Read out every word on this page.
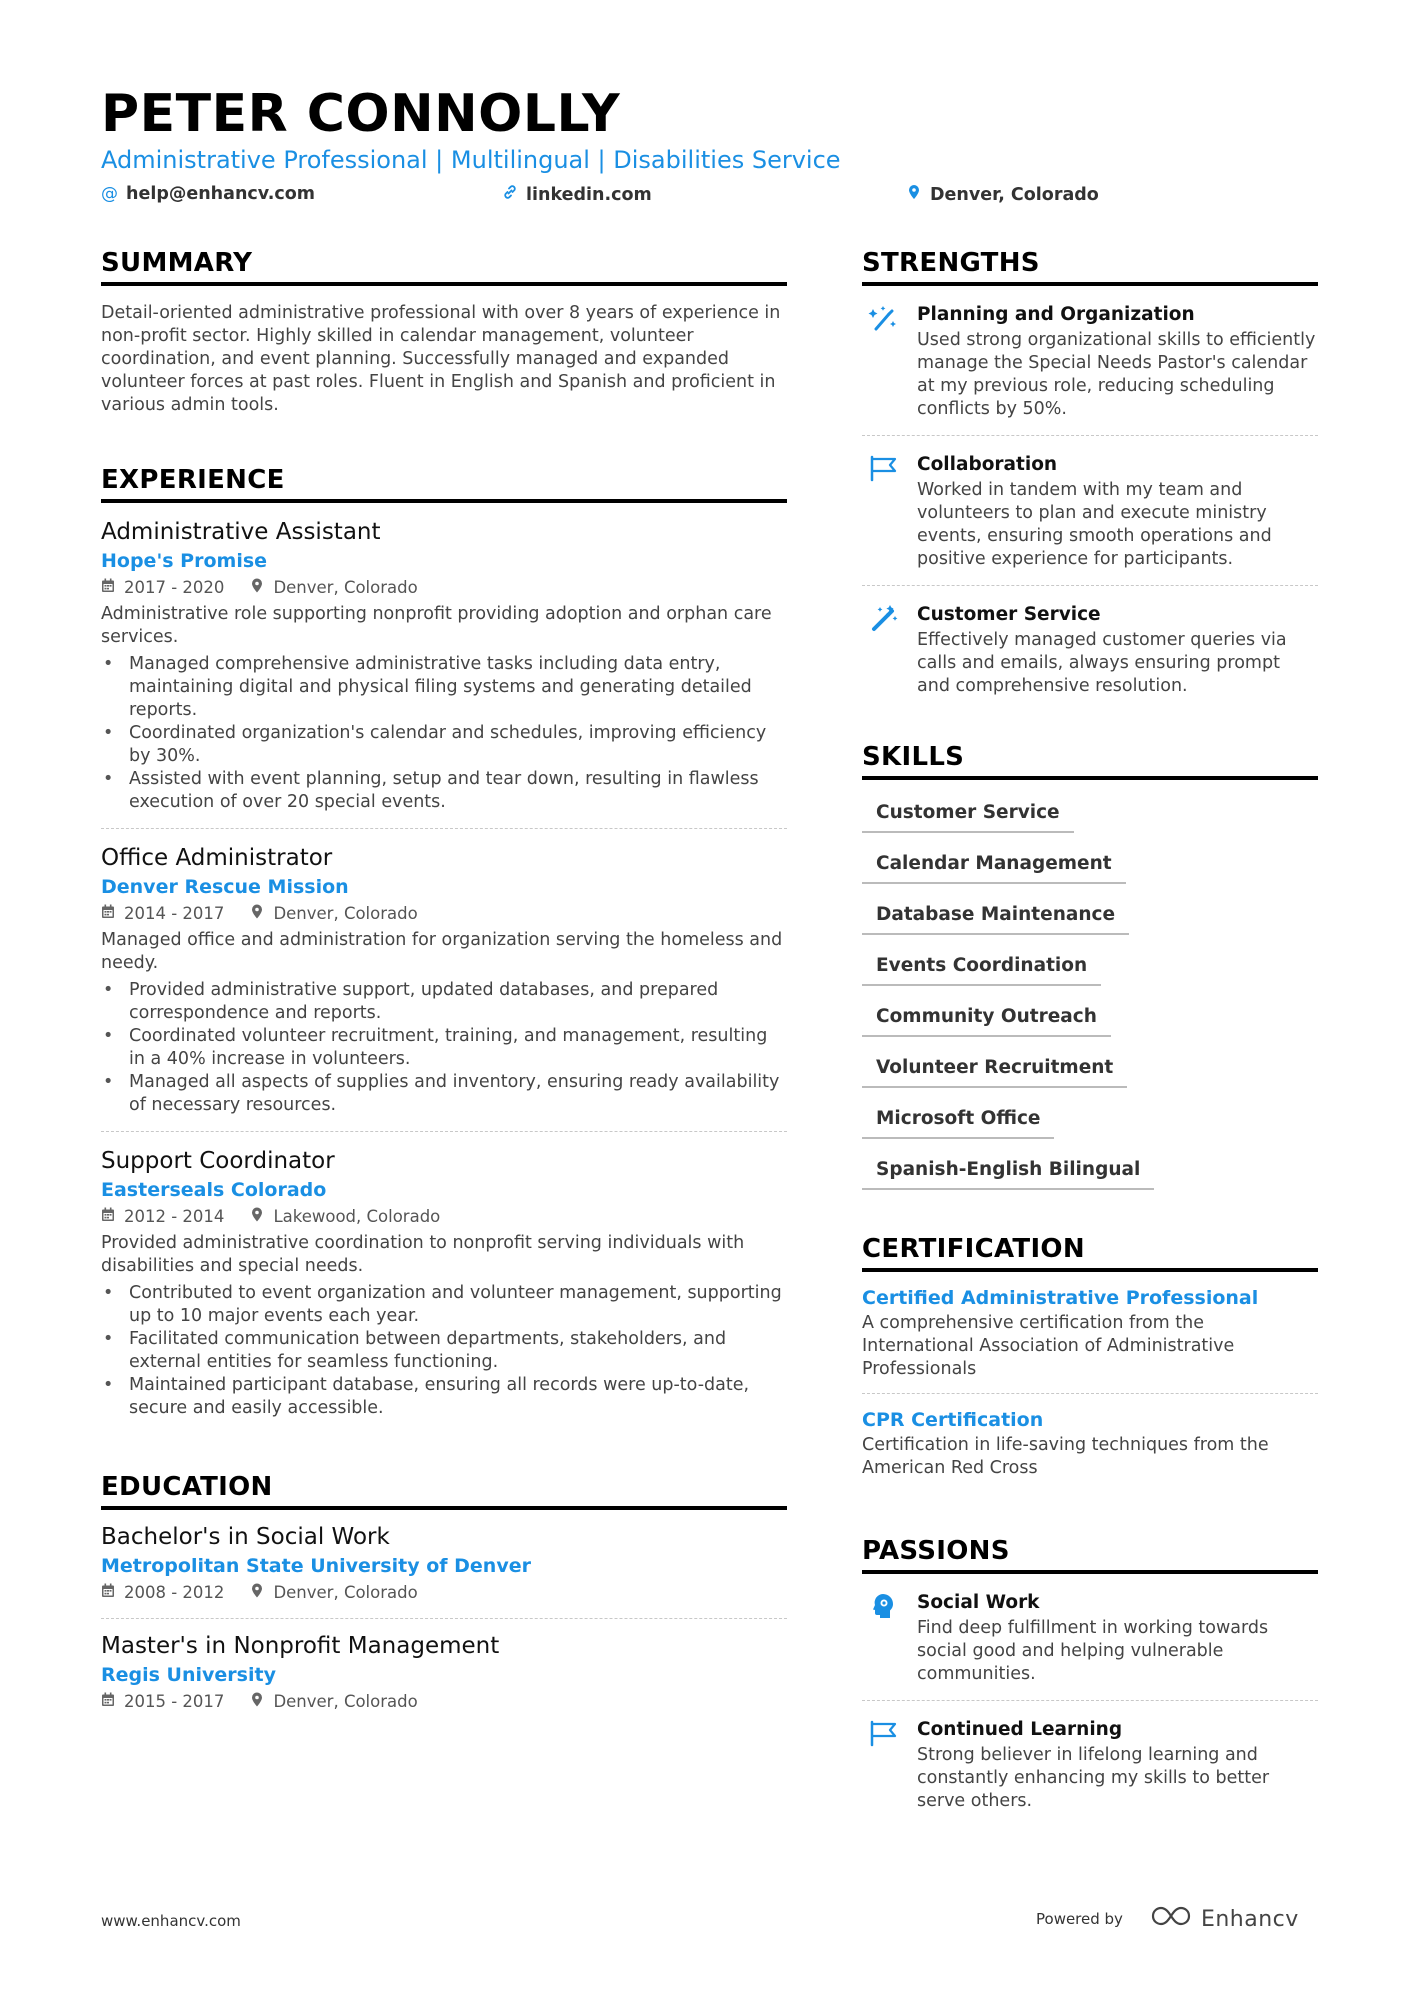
PETER CONNOLLY
Administrative Professional | Multilingual | Disabilities Service
@ help@enhancv.com	linkedin.com	Denver, Colorado
SUMMARY
Detail-oriented administrative professional with over 8 years of experience in non-profit sector. Highly skilled in calendar management, volunteer coordination, and event planning. Successfully managed and expanded volunteer forces at past roles. Fluent in English and Spanish and proficient in various admin tools.
EXPERIENCE
Administrative Assistant
Hope's Promise
2017 - 2020	Denver, Colorado
Administrative role supporting nonprofit providing adoption and orphan care services.
• Managed comprehensive administrative tasks including data entry, maintaining digital and physical filing systems and generating detailed reports.
• Coordinated organization's calendar and schedules, improving efficiency by 30%.
• Assisted with event planning, setup and tear down, resulting in flawless execution of over 20 special events.
Office Administrator
Denver Rescue Mission
2014 - 2017	Denver, Colorado
Managed office and administration for organization serving the homeless and needy.
• Provided administrative support, updated databases, and prepared correspondence and reports.
• Coordinated volunteer recruitment, training, and management, resulting in a 40% increase in volunteers.
• Managed all aspects of supplies and inventory, ensuring ready availability of necessary resources.
Support Coordinator
Easterseals Colorado
2012 - 2014	Lakewood, Colorado
Provided administrative coordination to nonprofit serving individuals with disabilities and special needs.
• Contributed to event organization and volunteer management, supporting up to 10 major events each year.
• Facilitated communication between departments, stakeholders, and external entities for seamless functioning.
• Maintained participant database, ensuring all records were up-to-date, secure and easily accessible.
EDUCATION
Bachelor's in Social Work
Metropolitan State University of Denver
2008 - 2012	Denver, Colorado
Master's in Nonprofit Management
Regis University
2015 - 2017	Denver, Colorado
STRENGTHS
Planning and Organization
Used strong organizational skills to efficiently manage the Special Needs Pastor's calendar at my previous role, reducing scheduling conflicts by 50%.
Collaboration
Worked in tandem with my team and volunteers to plan and execute ministry events, ensuring smooth operations and positive experience for participants.
Customer Service
Effectively managed customer queries via calls and emails, always ensuring prompt and comprehensive resolution.
SKILLS
Customer Service
Calendar Management
Database Maintenance
Events Coordination
Community Outreach
Volunteer Recruitment
Microsoft Office
Spanish-English Bilingual
CERTIFICATION
Certified Administrative Professional
A comprehensive certification from the International Association of Administrative Professionals
CPR Certification
Certification in life-saving techniques from the American Red Cross
PASSIONS
Social Work
Find deep fulfillment in working towards social good and helping vulnerable communities.
Continued Learning
Strong believer in lifelong learning and constantly enhancing my skills to better serve others.
www.enhancv.com	Powered by	Enhancv
